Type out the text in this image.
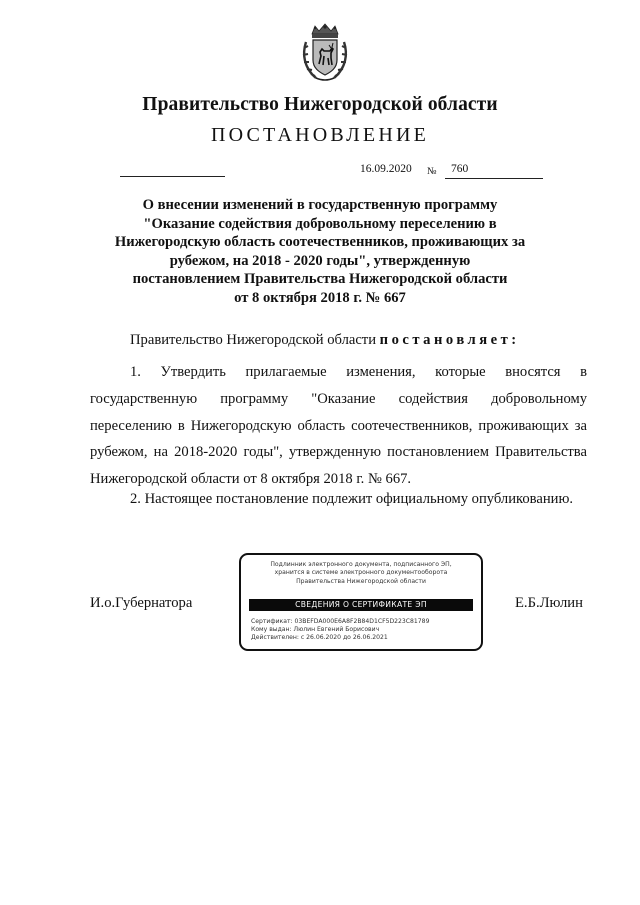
Правительство Нижегородской области
ПОСТАНОВЛЕНИЕ
16.09.2020 № 760
О внесении изменений в государственную программу
"Оказание содействия добровольному переселению в
Нижегородскую область соотечественников, проживающих за
рубежом, на 2018 - 2020 годы", утвержденную
постановлением Правительства Нижегородской области
от 8 октября 2018 г. № 667
Правительство Нижегородской области постановляет:
1. Утвердить прилагаемые изменения, которые вносятся в государственную программу "Оказание содействия добровольному переселению в Нижегородскую область соотечественников, проживающих за рубежом, на 2018-2020 годы", утвержденную постановлением Правительства Нижегородской области от 8 октября 2018 г. № 667.
2. Настоящее постановление подлежит официальному опубликованию.
И.о.Губернатора	Е.Б.Люлин
Подлинник электронного документа, подписанного ЭП,
хранится в системе электронного документооборота
Правительства Нижегородской области
СВЕДЕНИЯ О СЕРТИФИКАТЕ ЭП
Сертификат: 03BEFDA000E6A8F2B84D1CF5D223C81789
Кому выдан: Люлин Евгений Борисович
Действителен: с 26.06.2020 до 26.06.2021
